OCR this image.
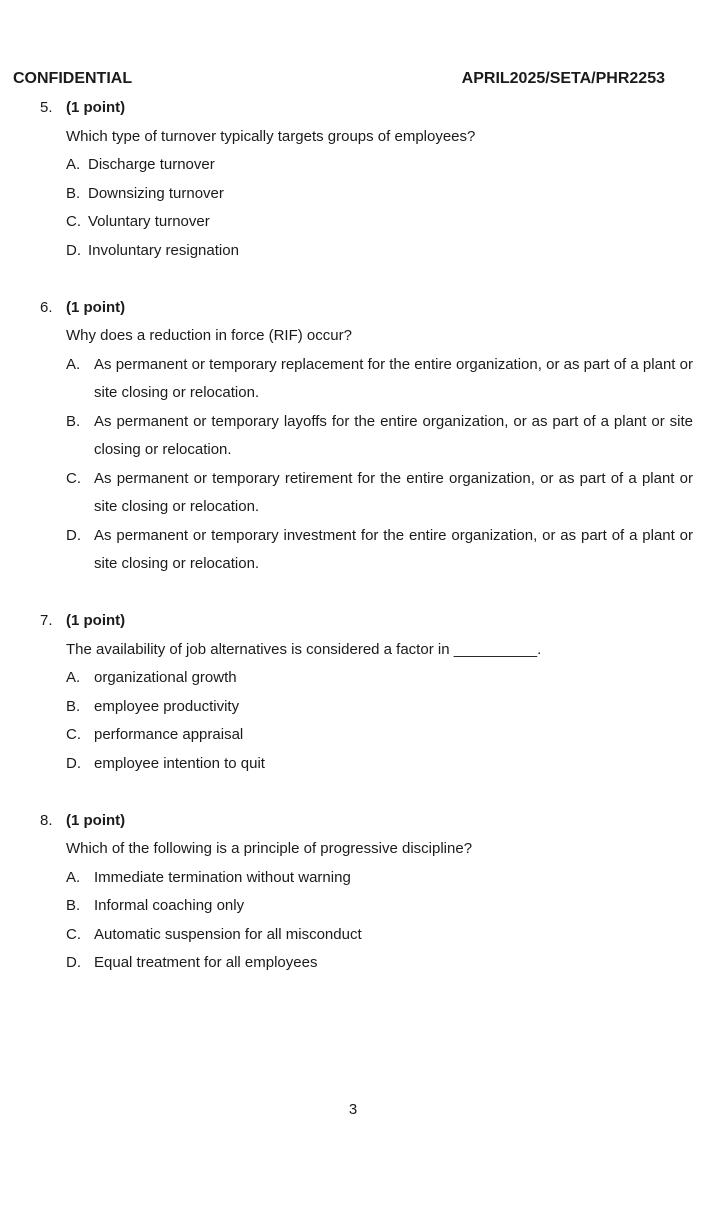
CONFIDENTIAL	APRIL2025/SETA/PHR2253
5. (1 point)
Which type of turnover typically targets groups of employees?
A. Discharge turnover
B. Downsizing turnover
C. Voluntary turnover
D. Involuntary resignation
6. (1 point)
Why does a reduction in force (RIF) occur?
A. As permanent or temporary replacement for the entire organization, or as part of a plant or site closing or relocation.
B. As permanent or temporary layoffs for the entire organization, or as part of a plant or site closing or relocation.
C. As permanent or temporary retirement for the entire organization, or as part of a plant or site closing or relocation.
D. As permanent or temporary investment for the entire organization, or as part of a plant or site closing or relocation.
7. (1 point)
The availability of job alternatives is considered a factor in __________.
A. organizational growth
B. employee productivity
C. performance appraisal
D. employee intention to quit
8. (1 point)
Which of the following is a principle of progressive discipline?
A. Immediate termination without warning
B. Informal coaching only
C. Automatic suspension for all misconduct
D. Equal treatment for all employees
3
